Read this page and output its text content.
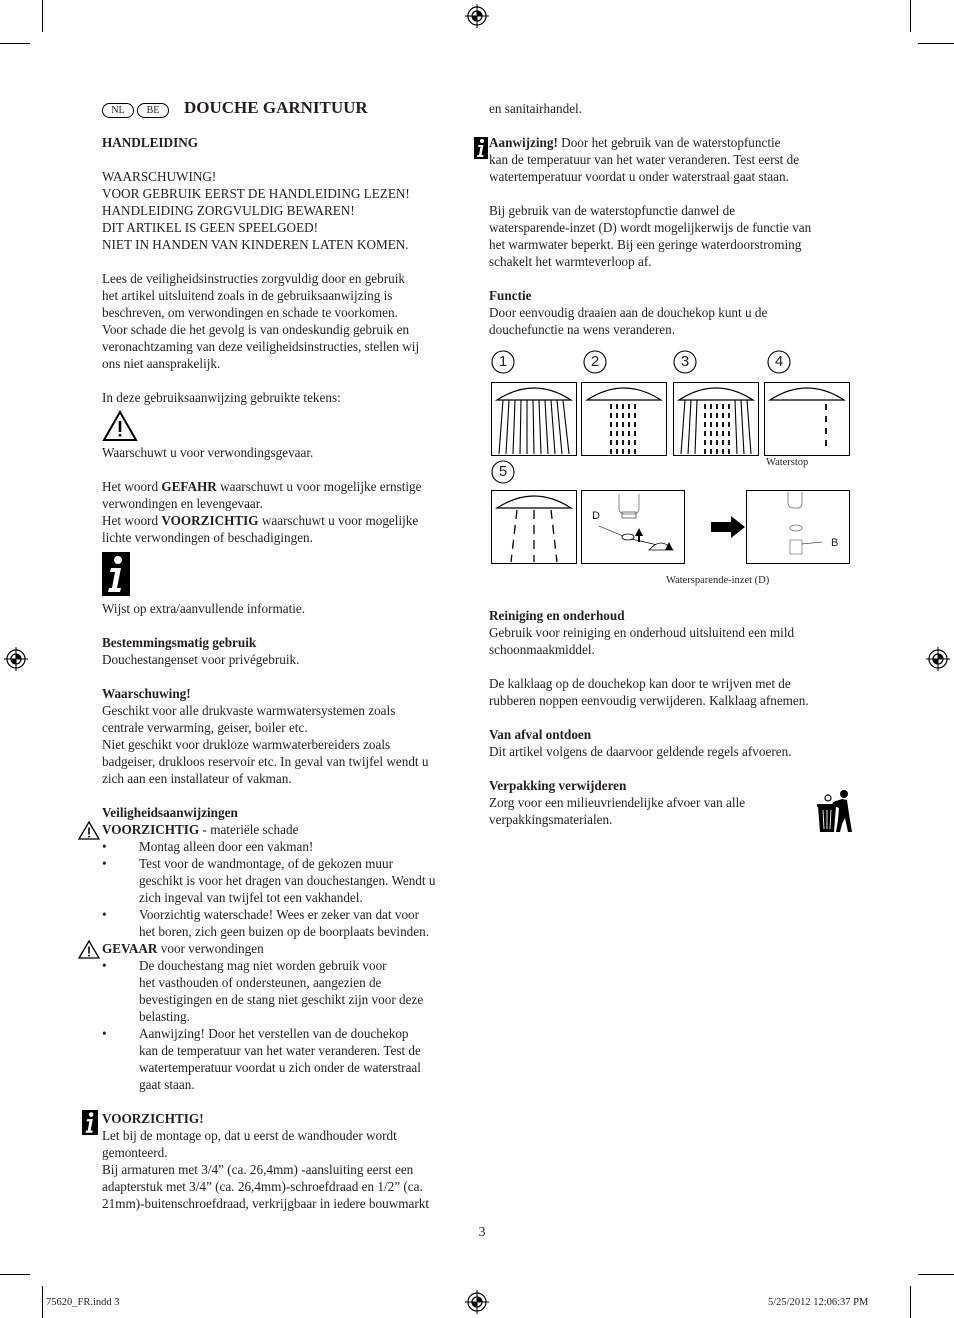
NL	BE	DOUCHE GARNITUUR

HANDLEIDING

WAARSCHUWING!

VOOR GEBRUIK EERST DE HANDLEIDING LEZEN!

HANDLEIDING ZORGVULDIG BEWAREN!

DIT ARTIKEL IS GEEN SPEELGOED!

NIET IN HANDEN VAN KINDEREN LATEN KOMEN.

Lees de veiligheidsinstructies zorgvuldig door en gebruik

het artikel uitsluitend zoals in de gebruiksaanwijzing is

beschreven, om verwondingen en schade te voorkomen.

Voor schade die het gevolg is van ondeskundig gebruik en

veronachtzaming van deze veiligheidsinstructies, stellen wij

ons niet aansprakelijk.

In deze gebruiksaanwijzing gebruikte tekens:

Waarschuwt u voor verwondingsgevaar.

Het woord GEFAHR waarschuwt u voor mogelijke ernstige

verwondingen en levengevaar.

Het woord VOORZICHTIG waarschuwt u voor mogelijke

lichte verwondingen of beschadigingen.

Wijst op extra/aanvullende informatie.

Bestemmingsmatig gebruik

Douchestangenset voor privégebruik.

Waarschuwing!

Geschikt voor alle drukvaste warmwatersystemen zoals

centrale verwarming, geiser, boiler etc.

Niet geschikt voor drukloze warmwaterbereiders zoals

badgeiser, drukloos reservoir etc. In geval van twijfel wendt u

zich aan een installateur of vakman.

Veiligheidsaanwijzingen

VOORZICHTIG - materiële schade

• Montag alleen door een vakman!

• Test voor de wandmontage, of de gekozen muur

geschikt is voor het dragen van douchestangen. Wendt u

zich ingeval van twijfel tot een vakhandel.

• Voorzichtig waterschade! Wees er zeker van dat voor

het boren, zich geen buizen op de boorplaats bevinden.

GEVAAR voor verwondingen

• De douchestang mag niet worden gebruik voor

het vasthouden of ondersteunen, aangezien de

bevestigingen en de stang niet geschikt zijn voor deze

belasting.

• Aanwijzing! Door het verstellen van de douchekop

kan de temperatuur van het water veranderen. Test de

watertemperatuur voordat u zich onder de waterstraal

gaat staan.

VOORZICHTIG!

Let bij de montage op, dat u eerst de wandhouder wordt

gemonteerd.

Bij armaturen met 3/4” (ca. 26,4mm) -aansluiting eerst een

adapterstuk met 3/4” (ca. 26,4mm)-schroefdraad en 1/2” (ca.

21mm)-buitenschroefdraad, verkrijgbaar in iedere bouwmarkt

en sanitairhandel.

Aanwijzing! Door het gebruik van de waterstopfunctie

kan de temperatuur van het water veranderen. Test eerst de

watertemperatuur voordat u onder waterstraal gaat staan.

Bij gebruik van de waterstopfunctie danwel de

watersparende-inzet (D) wordt mogelijkerwijs de functie van

het warmwater beperkt. Bij een geringe waterdoorstroming

schakelt het warmteverloop af.

Functie

Door eenvoudig draaien aan de douchekop kunt u de

douchefunctie na wens veranderen.

1	2	3	4
5
Waterstop
D
B
Watersparende-inzet (D)

Reiniging en onderhoud

Gebruik voor reiniging en onderhoud uitsluitend een mild

schoonmaakmiddel.

De kalklaag op de douchekop kan door te wrijven met de

rubberen noppen eenvoudig verwijderen. Kalklaag afnemen.

Van afval ontdoen

Dit artikel volgens de daarvoor geldende regels afvoeren.

Verpakking verwijderen

Zorg voor een milieuvriendelijke afvoer van alle

verpakkingsmaterialen.

3
75620_FR.indd 3	5/25/2012 12:06:37 PM
